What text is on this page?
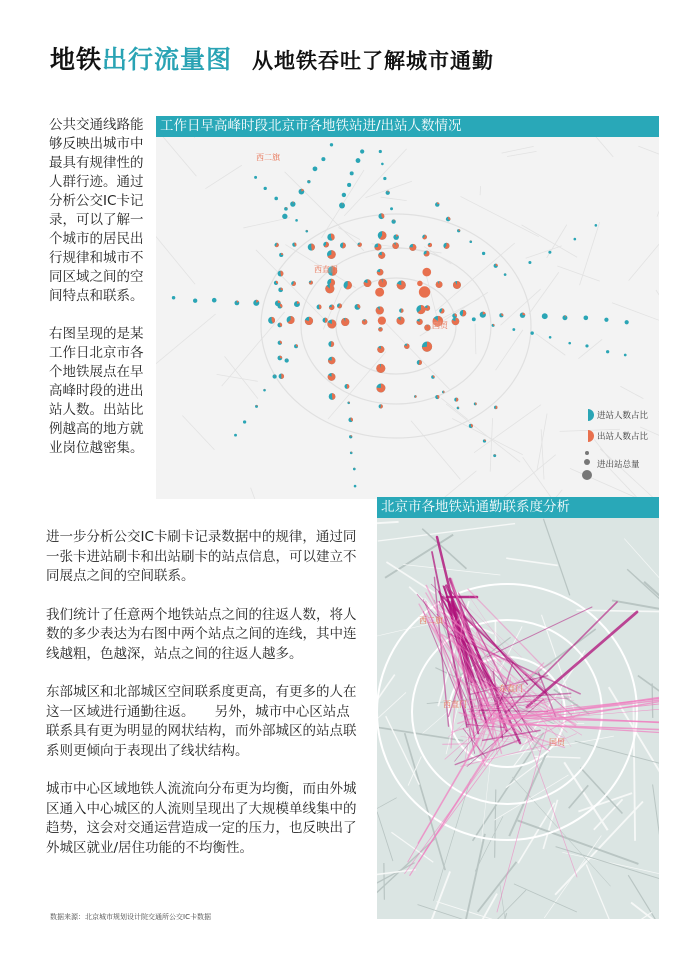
地铁出行流量图 从地铁吞吐了解城市通勤

公共交通线路能够反映出城市中最具有规律性的人群行迹。通过分析公交IC卡记录，可以了解一个城市的居民出行规律和城市不同区域之间的空间特点和联系。

右图呈现的是某工作日北京市各个地铁展点在早高峰时段的进出站人数。出站比例越高的地方就业岗位越密集。

工作日早高峰时段北京市各地铁站进/出站人数情况
西二旗
西直门
国贸
进站人数占比
出站人数占比
进出站总量
北京市各地铁站通勤联系度分析
西二旗
东直门
西直门
国贸

进一步分析公交IC卡刷卡记录数据中的规律，通过同一张卡进站刷卡和出站刷卡的站点信息，可以建立不同展点之间的空间联系。

我们统计了任意两个地铁站点之间的往返人数，将人数的多少表达为右图中两个站点之间的连线，其中连线越粗，色越深，站点之间的往返人越多。

东部城区和北部城区空间联系度更高，有更多的人在这一区域进行通勤往返。　　另外，城市中心区站点联系具有更为明显的网状结构，而外部城区的站点联系则更倾向于表现出了线状结构。

城市中心区域地铁人流流向分布更为均衡，而由外城区通入中心城区的人流则呈现出了大规模单线集中的趋势，这会对交通运营造成一定的压力，也反映出了外城区就业/居住功能的不均衡性。

数据来源：北京城市规划设计院交通所公交IC卡数据
